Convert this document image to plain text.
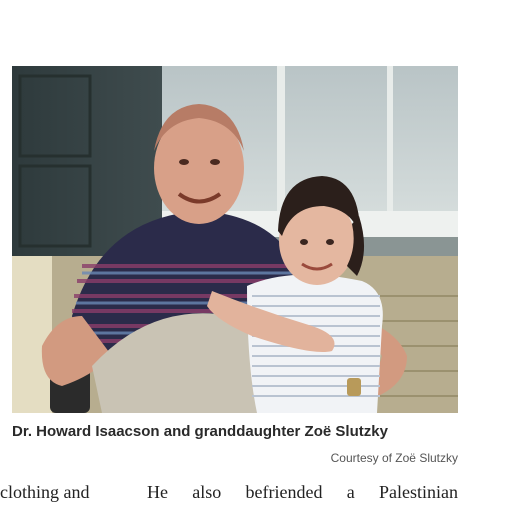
Dr. Howard Isaacson and granddaughter Zoë Slutzky
Courtesy of Zoë Slutzky
clothing and	He also befriended a Palestinian
